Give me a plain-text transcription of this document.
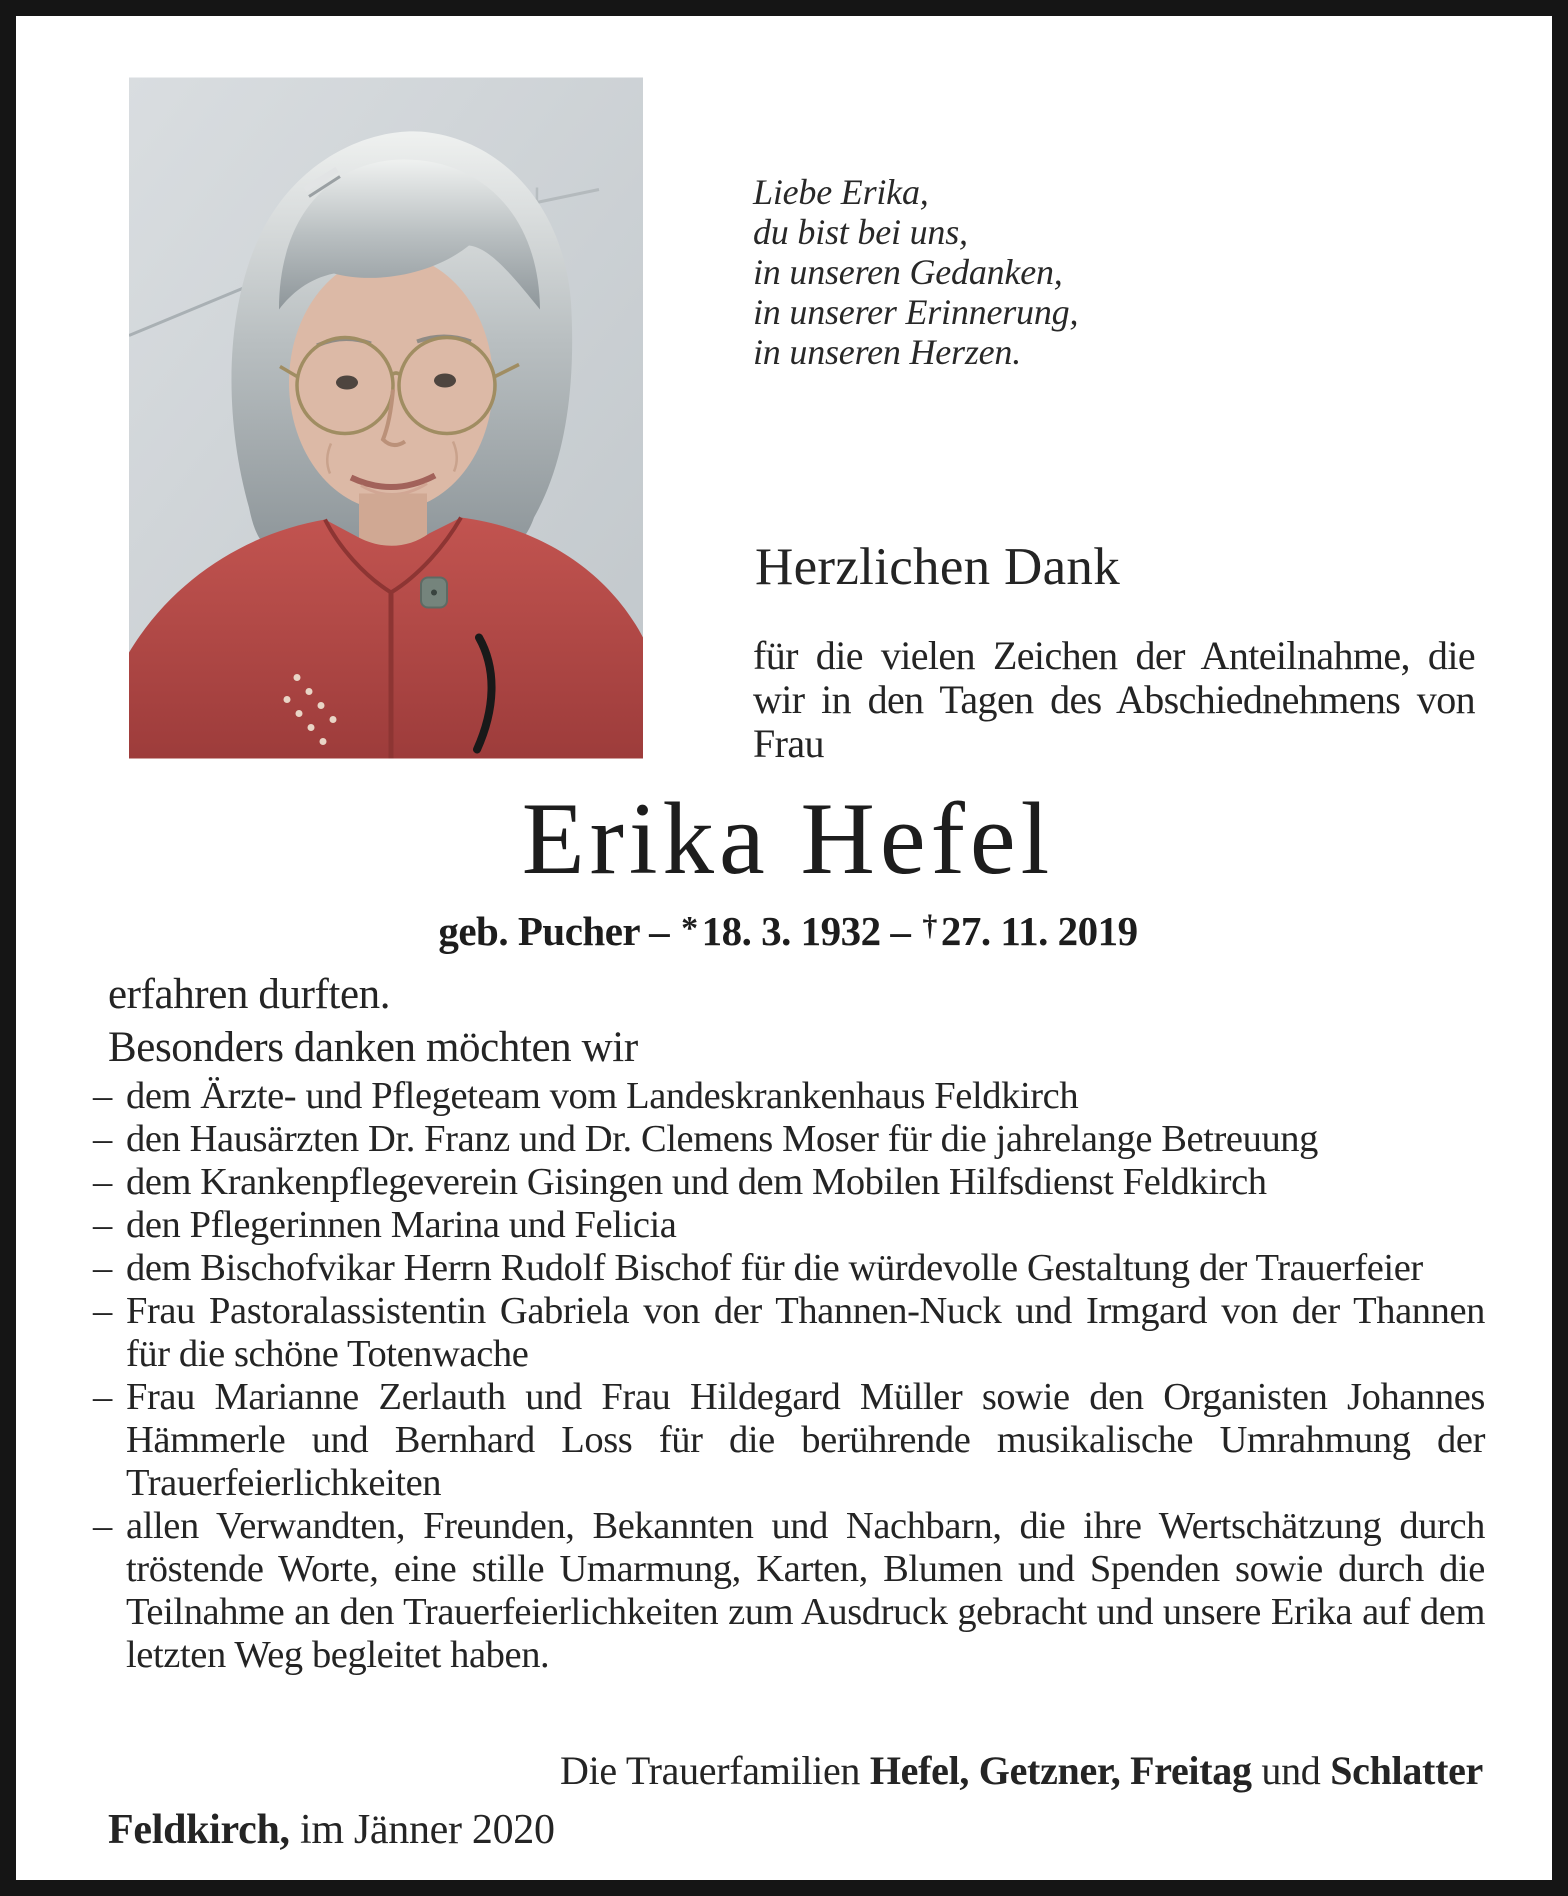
Liebe Erika,
du bist bei uns,
in unseren Gedanken,
in unserer Erinnerung,
in unseren Herzen.
Herzlichen Dank
für die vielen Zeichen der Anteilnahme, die wir in den Tagen des Abschiednehmens von Frau
Erika Hefel
geb. Pucher – *18. 3. 1932 – †27. 11. 2019
erfahren durften.
Besonders danken möchten wir
– dem Ärzte- und Pflegeteam vom Landeskrankenhaus Feldkirch
– den Hausärzten Dr. Franz und Dr. Clemens Moser für die jahrelange Betreuung
– dem Krankenpflegeverein Gisingen und dem Mobilen Hilfsdienst Feldkirch
– den Pflegerinnen Marina und Felicia
– dem Bischofvikar Herrn Rudolf Bischof für die würdevolle Gestaltung der Trauerfeier
– Frau Pastoralassistentin Gabriela von der Thannen-Nuck und Irmgard von der Thannen für die schöne Totenwache
– Frau Marianne Zerlauth und Frau Hildegard Müller sowie den Organisten Johannes Hämmerle und Bernhard Loss für die berührende musikalische Umrahmung der Trauerfeierlichkeiten
– allen Verwandten, Freunden, Bekannten und Nachbarn, die ihre Wertschätzung durch tröstende Worte, eine stille Umarmung, Karten, Blumen und Spenden sowie durch die Teilnahme an den Trauerfeierlichkeiten zum Ausdruck gebracht und unsere Erika auf dem letzten Weg begleitet haben.
Die Trauerfamilien Hefel, Getzner, Freitag und Schlatter
Feldkirch, im Jänner 2020
